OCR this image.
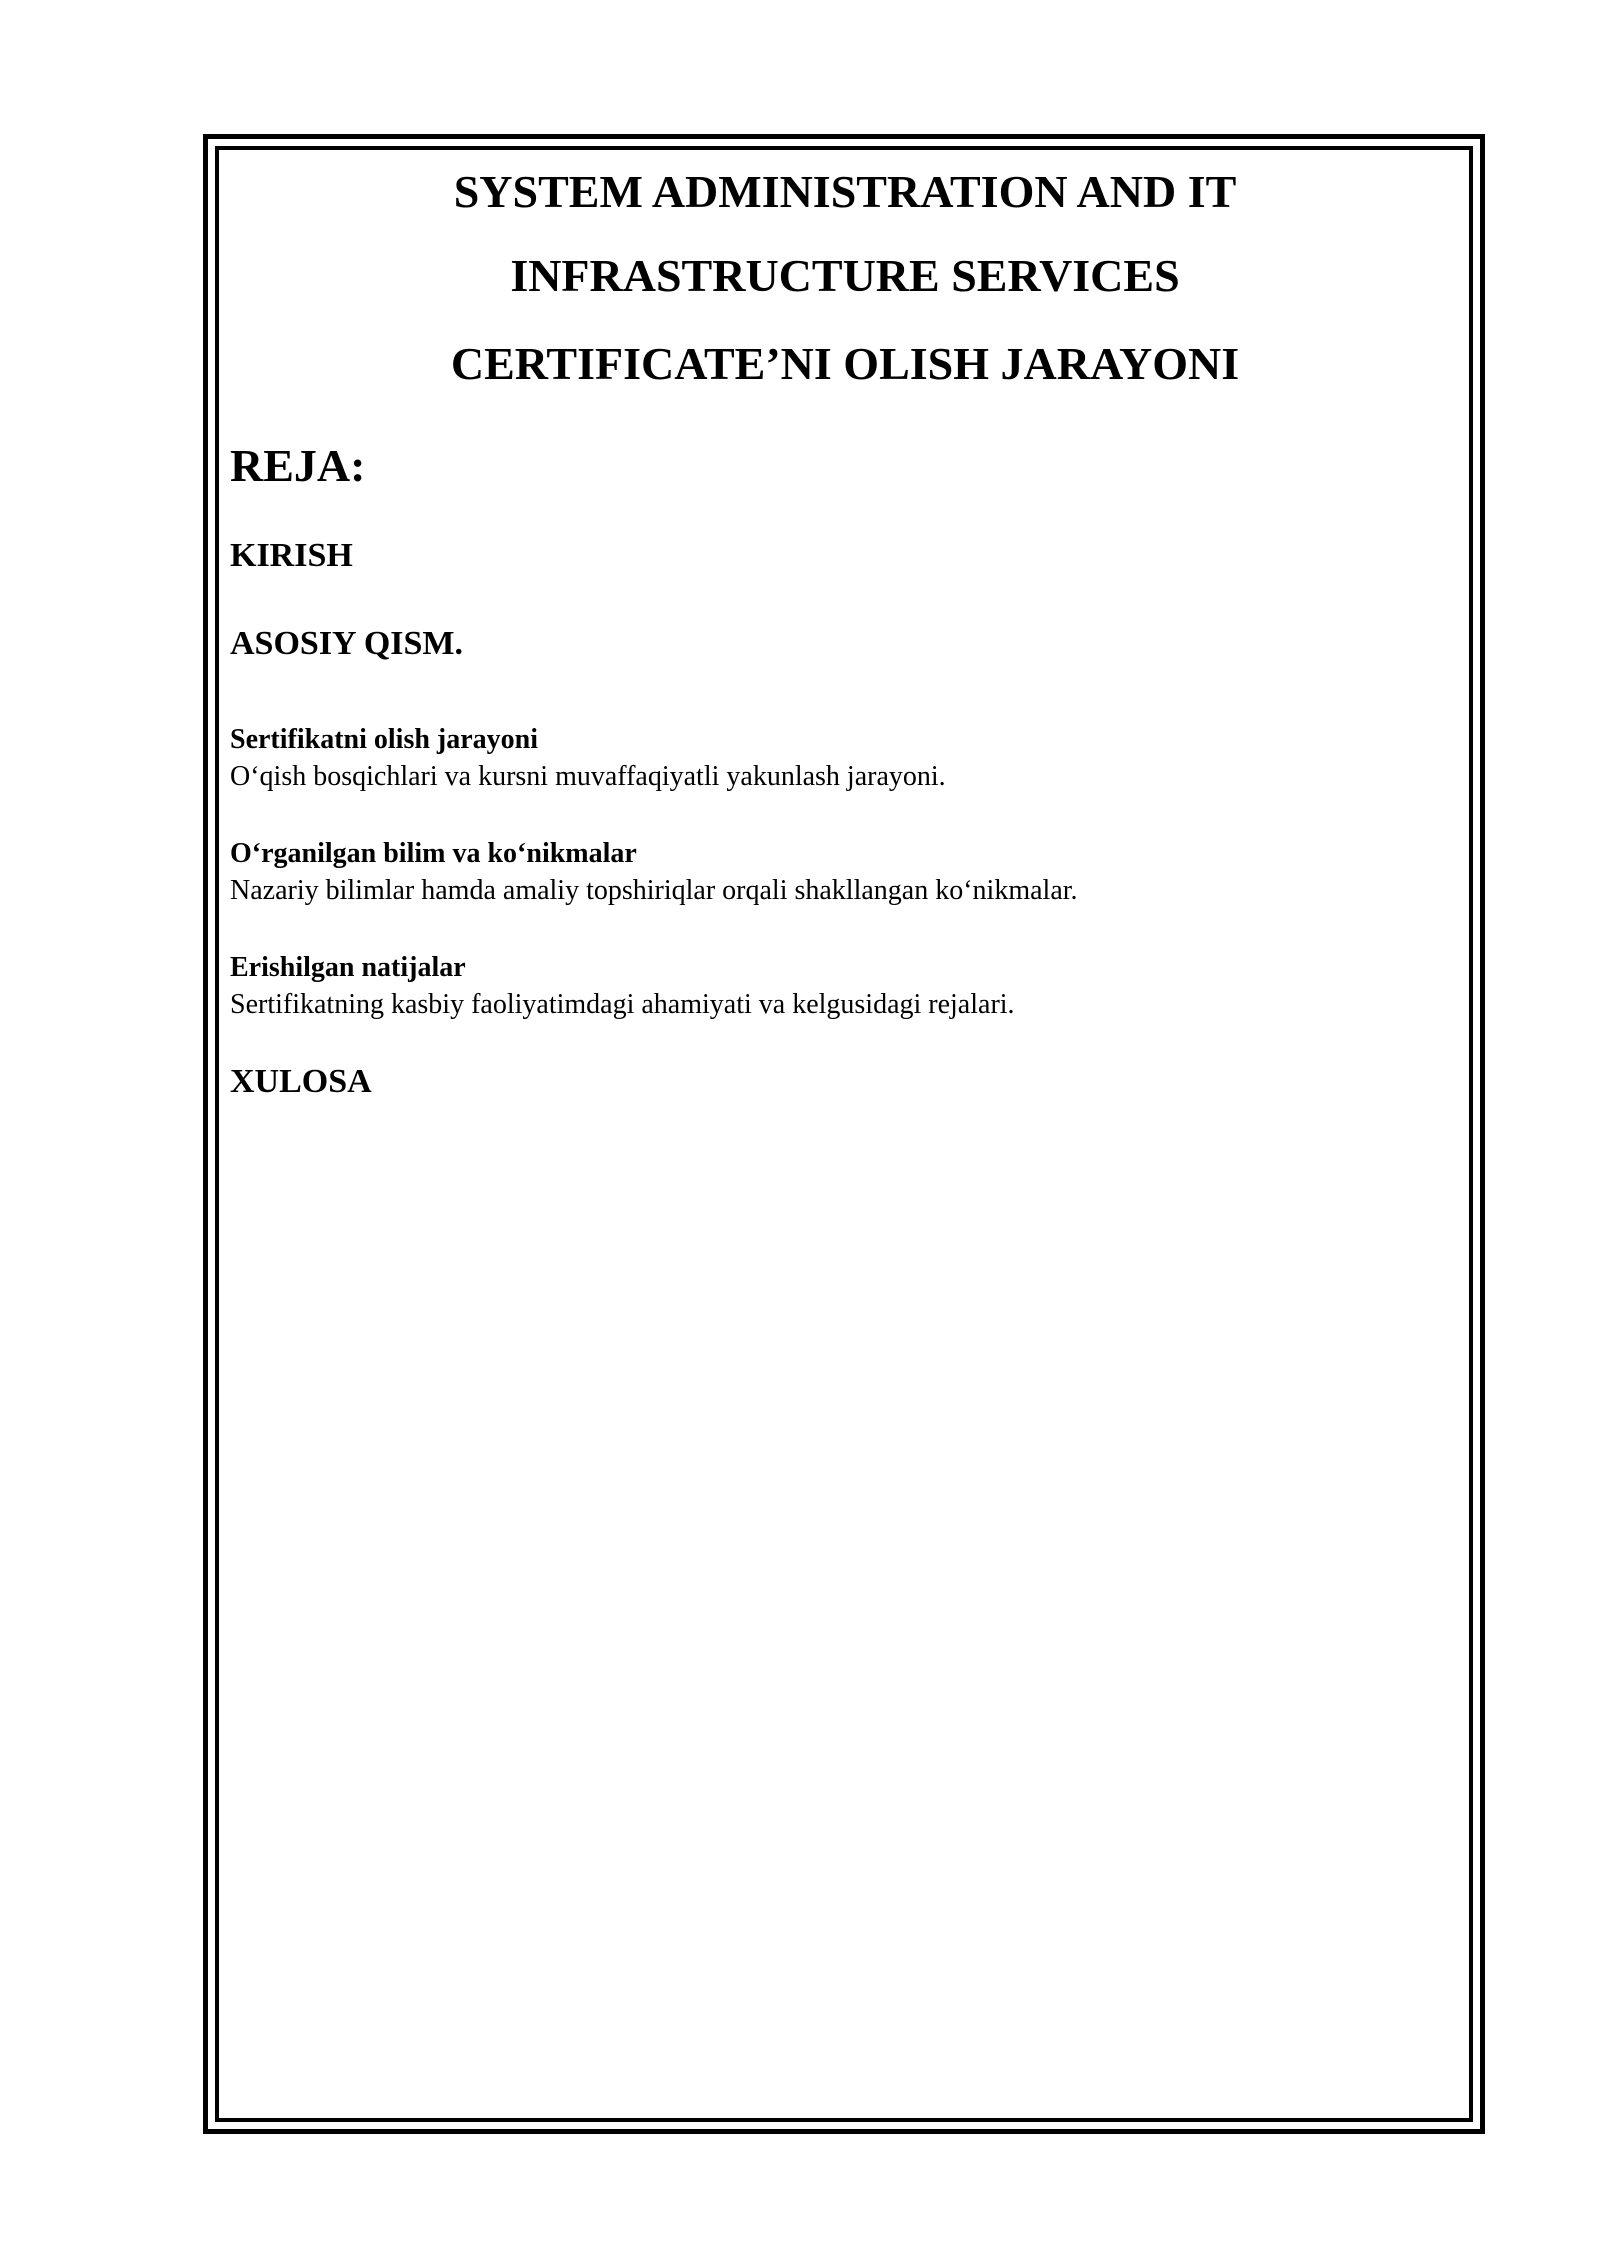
SYSTEM ADMINISTRATION AND IT
INFRASTRUCTURE SERVICES
CERTIFICATE’NI OLISH JARAYONI
REJA:
KIRISH
ASOSIY QISM.

Sertifikatni olish jarayoni

O‘qish bosqichlari va kursni muvaffaqiyatli yakunlash jarayoni.

O‘rganilgan bilim va ko‘nikmalar

Nazariy bilimlar hamda amaliy topshiriqlar orqali shakllangan ko‘nikmalar.

Erishilgan natijalar

Sertifikatning kasbiy faoliyatimdagi ahamiyati va kelgusidagi rejalari.

XULOSA
